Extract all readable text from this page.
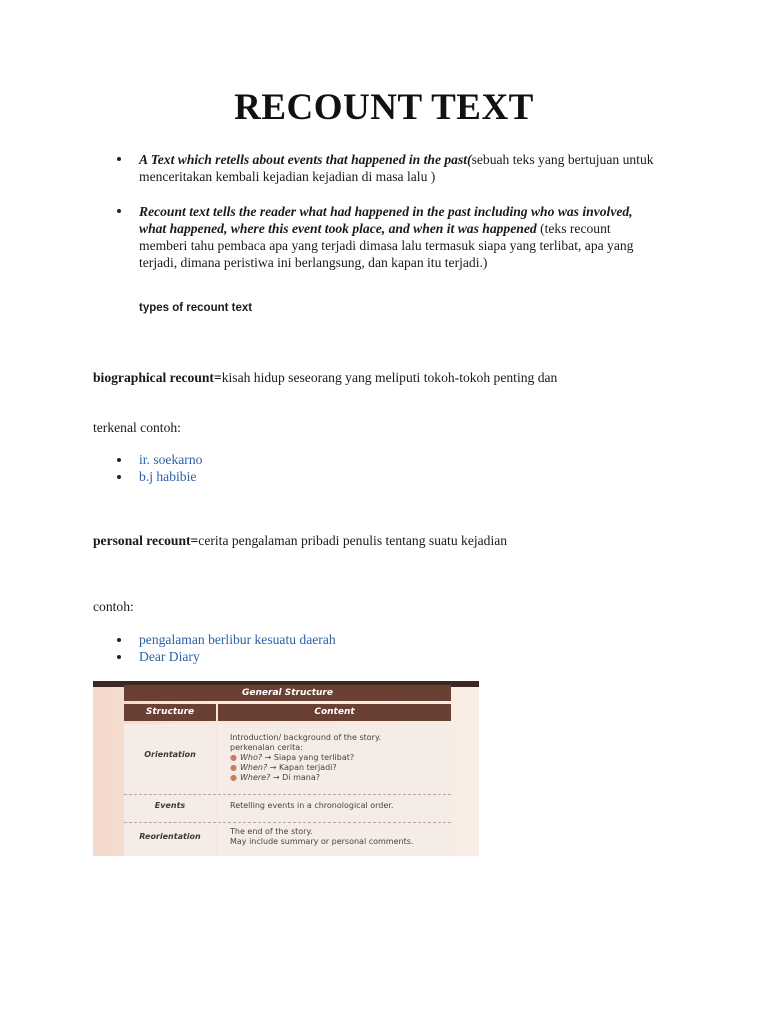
RECOUNT TEXT
A Text which retells about events that happened in the past(sebuah teks yang bertujuan untuk menceritakan kembali kejadian kejadian di masa lalu )
Recount text tells the reader what had happened in the past including who was involved, what happened, where this event took place, and when it was happened (teks recount memberi tahu pembaca apa yang terjadi dimasa lalu termasuk siapa yang terlibat, apa yang terjadi, dimana peristiwa ini berlangsung, dan kapan itu terjadi.)
types of recount text
biographical recount=kisah hidup seseorang yang meliputi tokoh-tokoh penting dan
terkenal contoh:
ir. soekarno
b.j habibie
personal recount=cerita pengalaman pribadi penulis tentang suatu kejadian
contoh:
pengalaman berlibur kesuatu daerah
Dear Diary
General Structure
Structure	Content
Orientation
Introduction/ background of the story.
perkenalan cerita:
● Who? → Siapa yang terlibat?
● When? → Kapan terjadi?
● Where? → Di mana?
Events	Retelling events in a chronological order.
Reorientation
The end of the story.
May include summary or personal comments.
